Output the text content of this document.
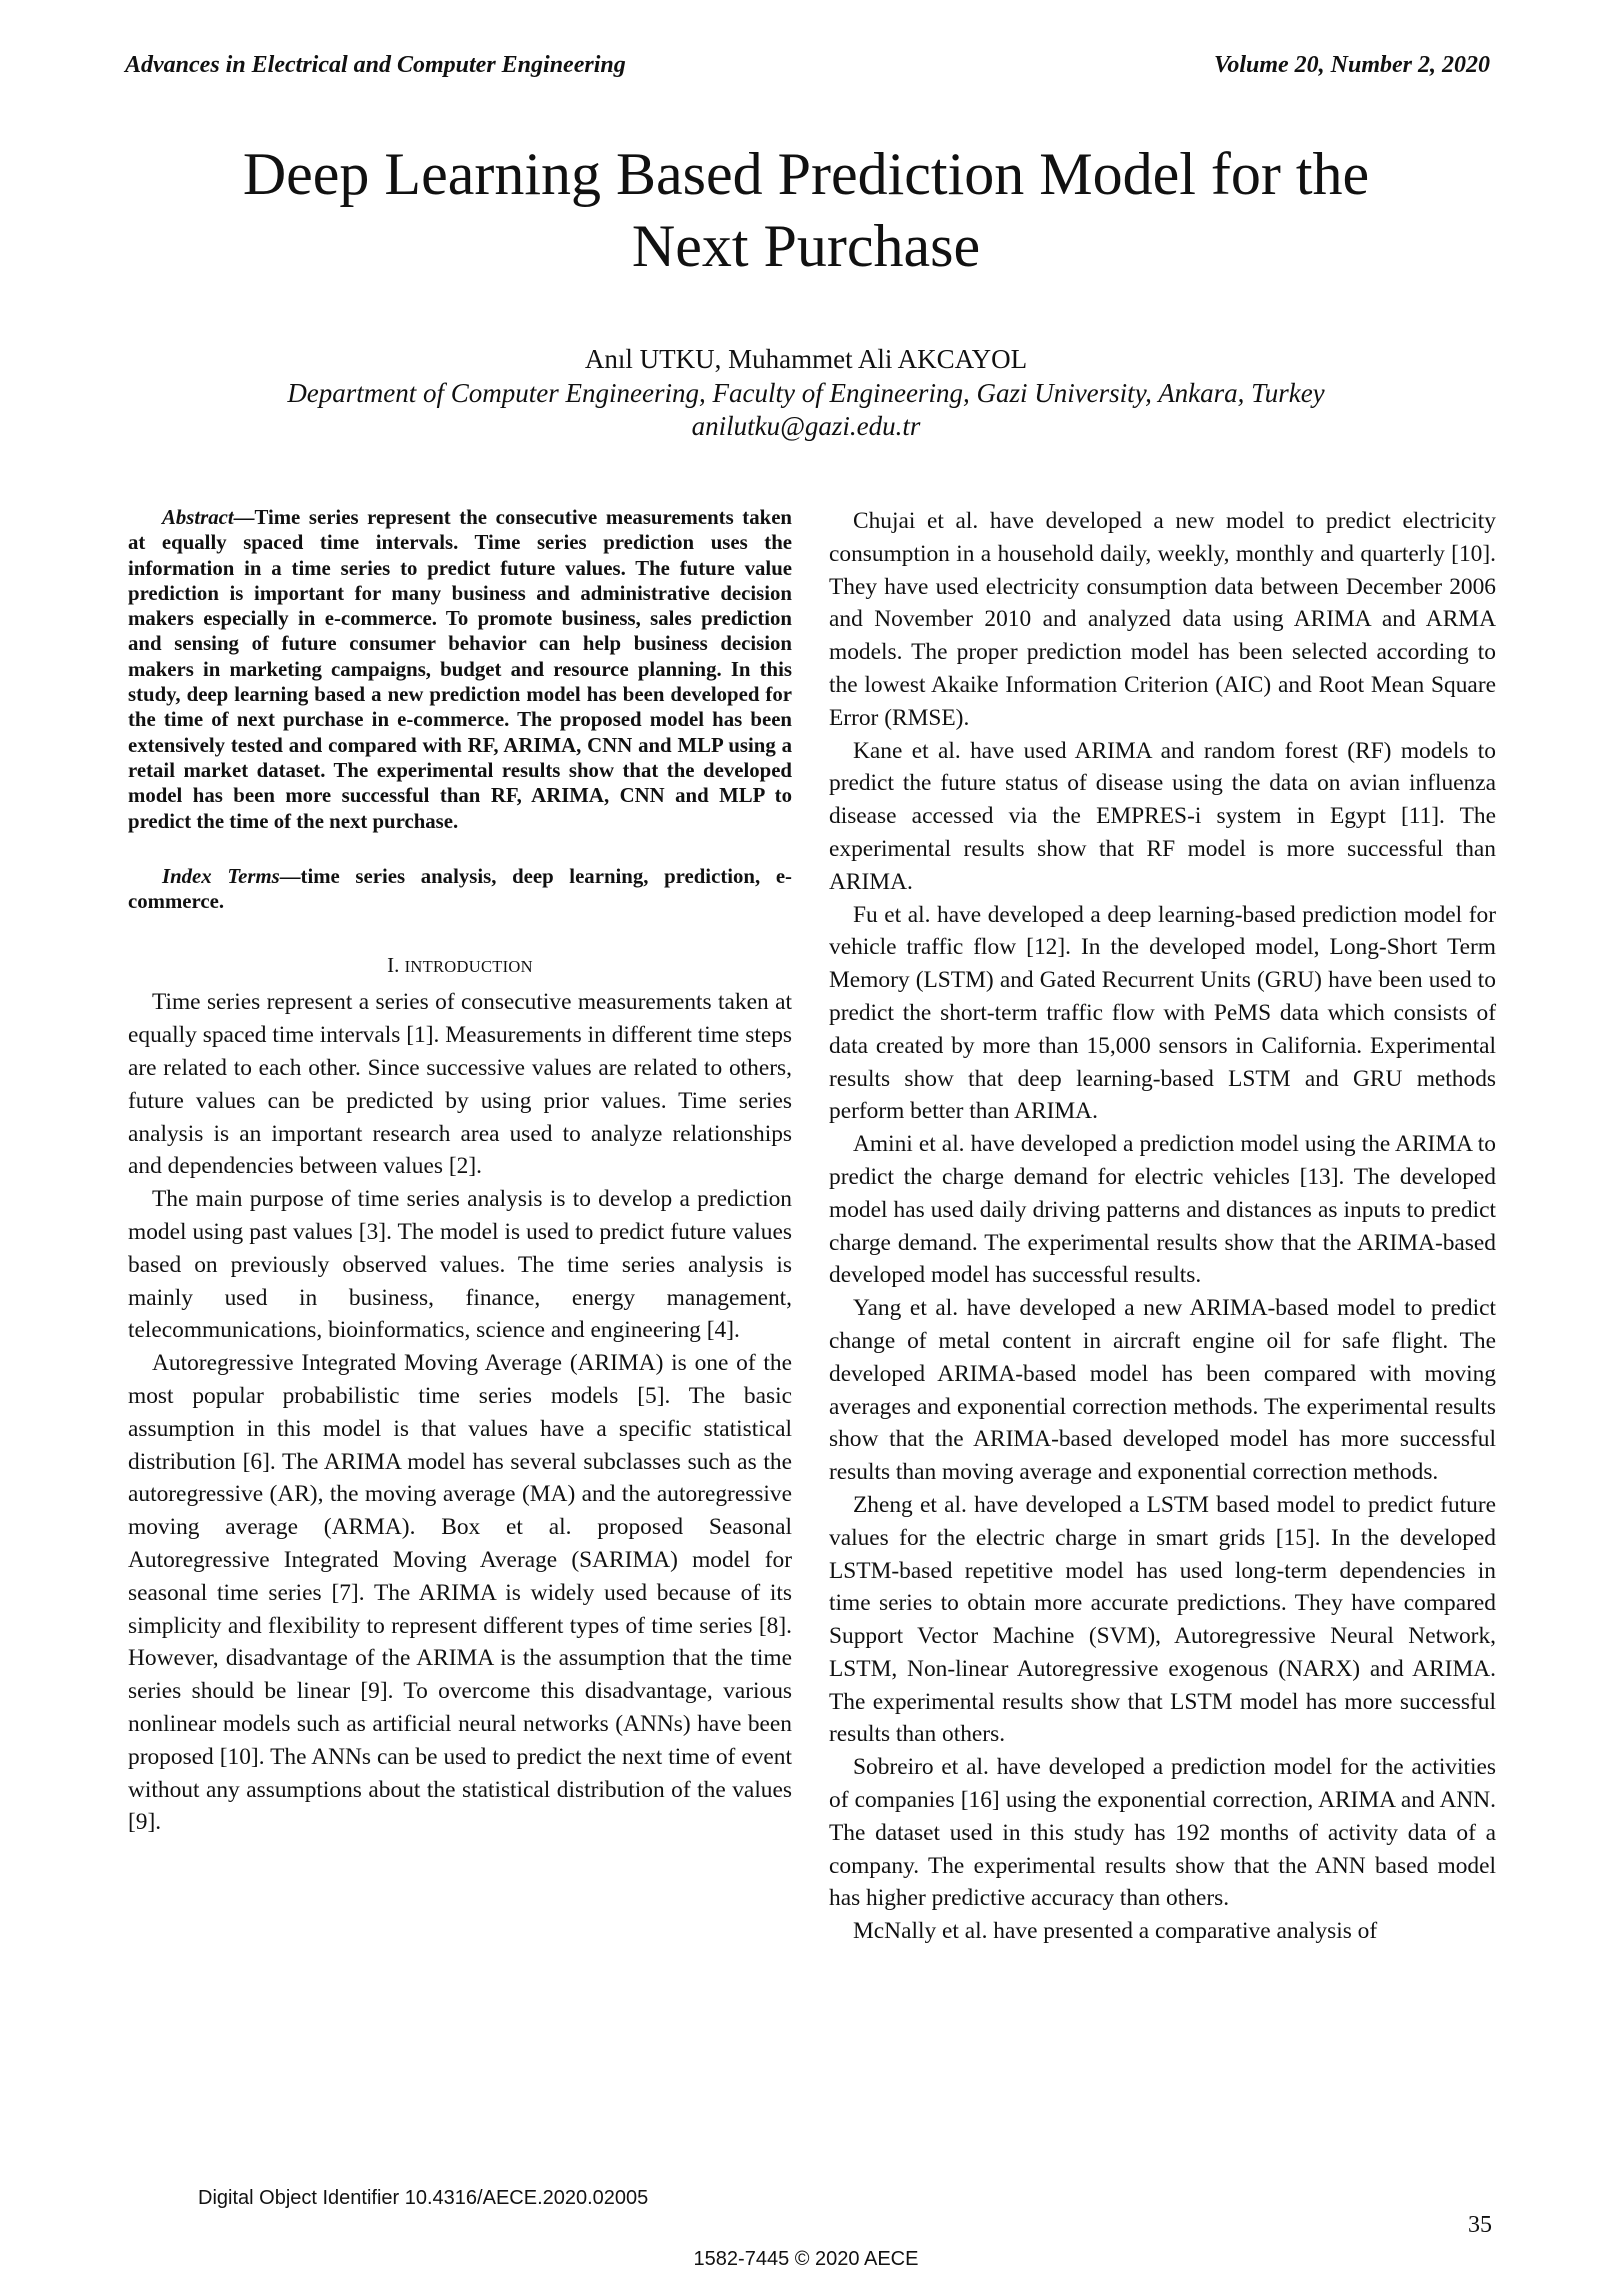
Advances in Electrical and Computer Engineering	Volume 20, Number 2, 2020
Deep Learning Based Prediction Model for the
Next Purchase
Anıl UTKU, Muhammet Ali AKCAYOL
Department of Computer Engineering, Faculty of Engineering, Gazi University, Ankara, Turkey
anilutku@gazi.edu.tr

Abstract—Time series represent the consecutive measurements taken at equally spaced time intervals. Time series prediction uses the information in a time series to predict future values. The future value prediction is important for many business and administrative decision makers especially in e-commerce. To promote business, sales prediction and sensing of future consumer behavior can help business decision makers in marketing campaigns, budget and resource planning. In this study, deep learning based a new prediction model has been developed for the time of next purchase in e-commerce. The proposed model has been extensively tested and compared with RF, ARIMA, CNN and MLP using a retail market dataset. The experimental results show that the developed model has been more successful than RF, ARIMA, CNN and MLP to predict the time of the next purchase.

Index Terms—time series analysis, deep learning, prediction, e-commerce.

I. INTRODUCTION

Time series represent a series of consecutive measurements taken at equally spaced time intervals [1]. Measurements in different time steps are related to each other. Since successive values are related to others, future values can be predicted by using prior values. Time series analysis is an important research area used to analyze relationships and dependencies between values [2].

The main purpose of time series analysis is to develop a prediction model using past values [3]. The model is used to predict future values based on previously observed values. The time series analysis is mainly used in business, finance, energy management, telecommunications, bioinformatics, science and engineering [4].

Autoregressive Integrated Moving Average (ARIMA) is one of the most popular probabilistic time series models [5]. The basic assumption in this model is that values have a specific statistical distribution [6]. The ARIMA model has several subclasses such as the autoregressive (AR), the moving average (MA) and the autoregressive moving average (ARMA). Box et al. proposed Seasonal Autoregressive Integrated Moving Average (SARIMA) model for seasonal time series [7]. The ARIMA is widely used because of its simplicity and flexibility to represent different types of time series [8]. However, disadvantage of the ARIMA is the assumption that the time series should be linear [9]. To overcome this disadvantage, various nonlinear models such as artificial neural networks (ANNs) have been proposed [10]. The ANNs can be used to predict the next time of event without any assumptions about the statistical distribution of the values [9].

Chujai et al. have developed a new model to predict electricity consumption in a household daily, weekly, monthly and quarterly [10]. They have used electricity consumption data between December 2006 and November 2010 and analyzed data using ARIMA and ARMA models. The proper prediction model has been selected according to the lowest Akaike Information Criterion (AIC) and Root Mean Square Error (RMSE).

Kane et al. have used ARIMA and random forest (RF) models to predict the future status of disease using the data on avian influenza disease accessed via the EMPRES-i system in Egypt [11]. The experimental results show that RF model is more successful than ARIMA.

Fu et al. have developed a deep learning-based prediction model for vehicle traffic flow [12]. In the developed model, Long-Short Term Memory (LSTM) and Gated Recurrent Units (GRU) have been used to predict the short-term traffic flow with PeMS data which consists of data created by more than 15,000 sensors in California. Experimental results show that deep learning-based LSTM and GRU methods perform better than ARIMA.

Amini et al. have developed a prediction model using the ARIMA to predict the charge demand for electric vehicles [13]. The developed model has used daily driving patterns and distances as inputs to predict charge demand. The experimental results show that the ARIMA-based developed model has successful results.

Yang et al. have developed a new ARIMA-based model to predict change of metal content in aircraft engine oil for safe flight. The developed ARIMA-based model has been compared with moving averages and exponential correction methods. The experimental results show that the ARIMA-based developed model has more successful results than moving average and exponential correction methods.

Zheng et al. have developed a LSTM based model to predict future values for the electric charge in smart grids [15]. In the developed LSTM-based repetitive model has used long-term dependencies in time series to obtain more accurate predictions. They have compared Support Vector Machine (SVM), Autoregressive Neural Network, LSTM, Non-linear Autoregressive exogenous (NARX) and ARIMA. The experimental results show that LSTM model has more successful results than others.

Sobreiro et al. have developed a prediction model for the activities of companies [16] using the exponential correction, ARIMA and ANN. The dataset used in this study has 192 months of activity data of a company. The experimental results show that the ANN based model has higher predictive accuracy than others.

McNally et al. have presented a comparative analysis of

Digital Object Identifier 10.4316/AECE.2020.02005
35
1582-7445 © 2020 AECE
